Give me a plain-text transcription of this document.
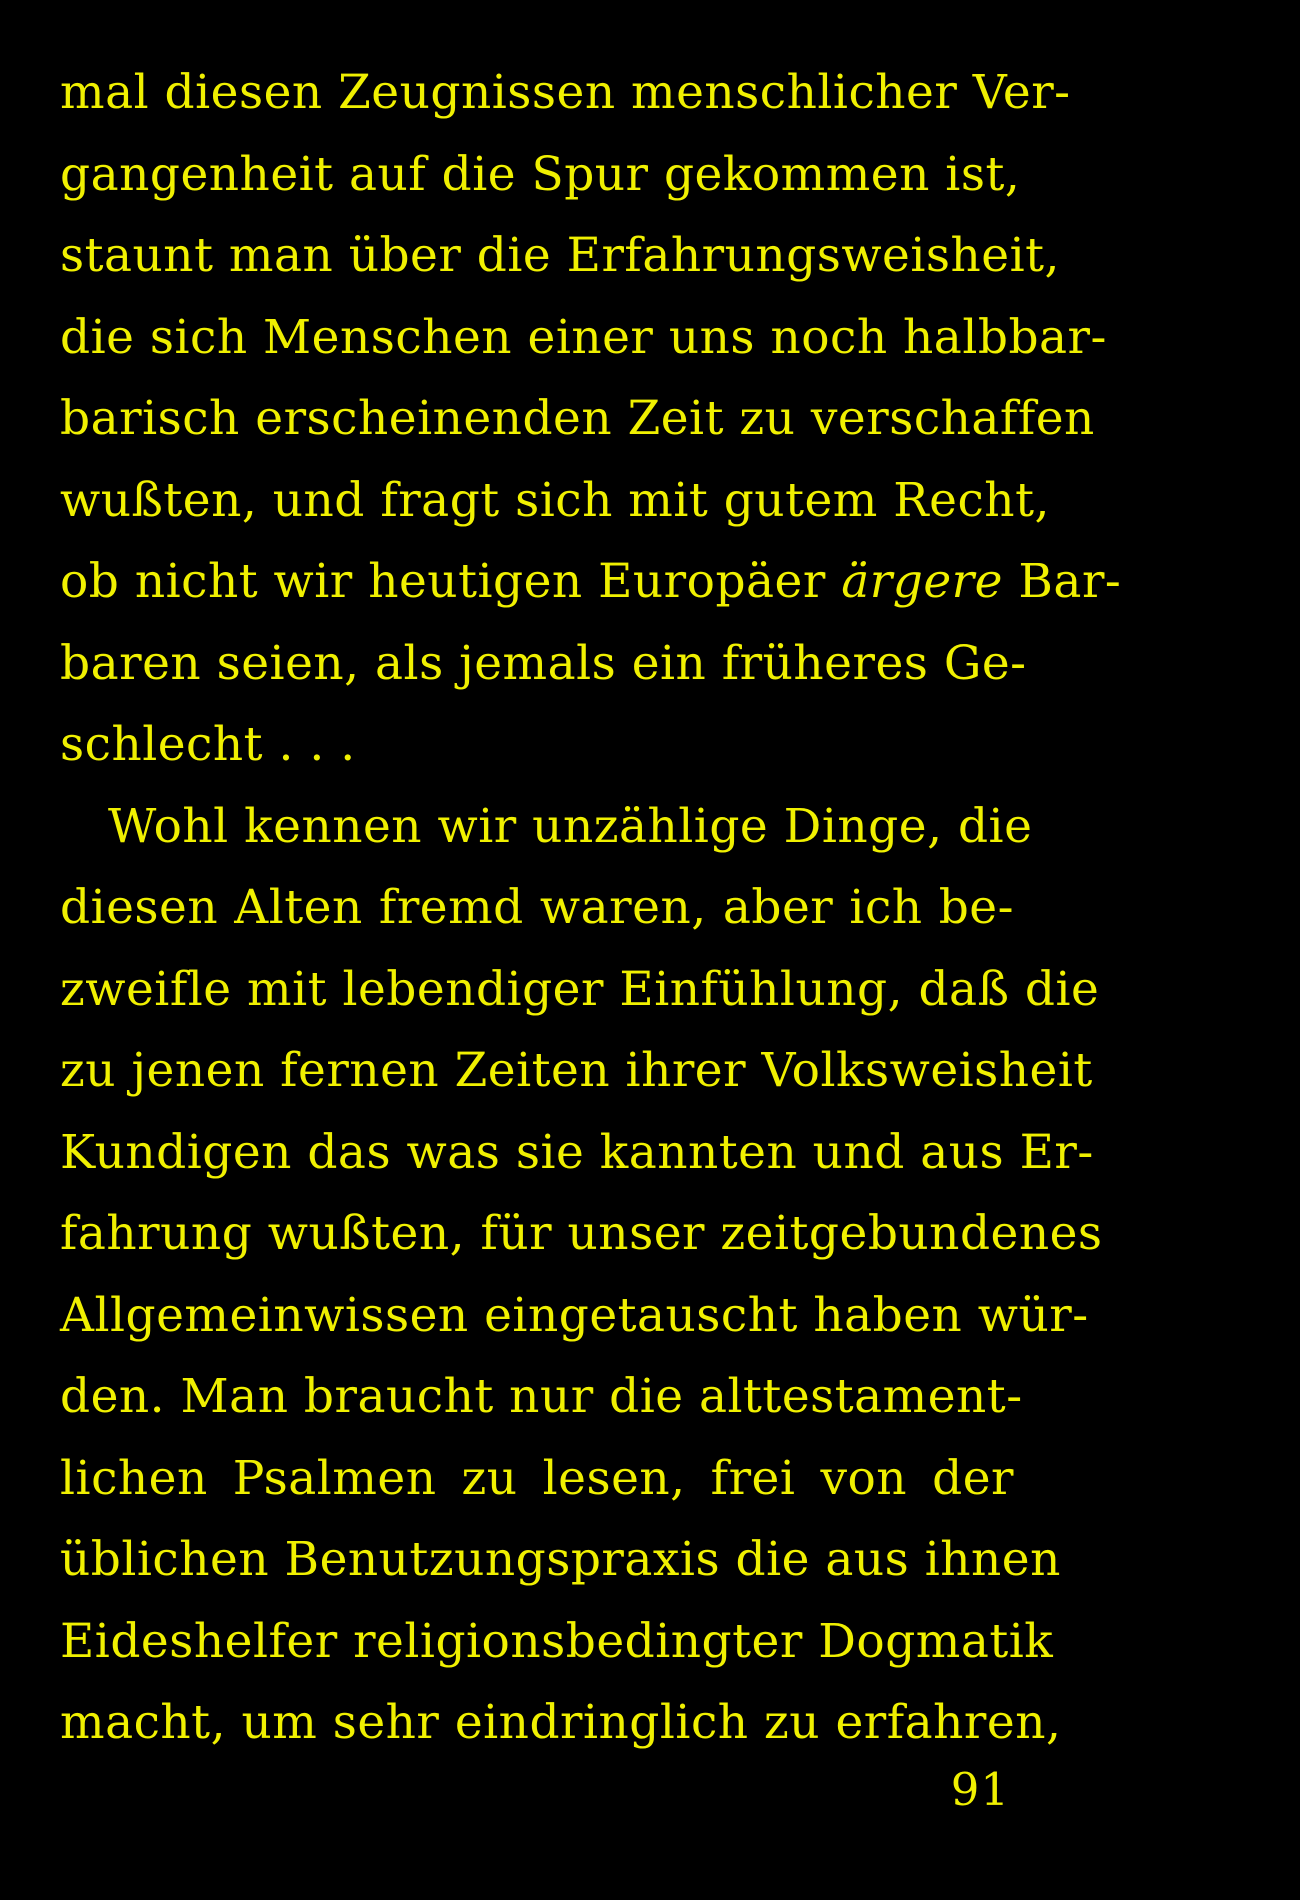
mal diesen Zeugnissen menschlicher Ver-
gangenheit auf die Spur gekommen ist,
staunt man über die Erfahrungsweisheit,
die sich Menschen einer uns noch halbbar-
barisch erscheinenden Zeit zu verschaffen
wußten, und fragt sich mit gutem Recht,
ob nicht wir heutigen Europäer ärgere Bar-
baren seien, als jemals ein früheres Ge-
schlecht . . .
Wohl kennen wir unzählige Dinge, die
diesen Alten fremd waren, aber ich be-
zweifle mit lebendiger Einfühlung, daß die
zu jenen fernen Zeiten ihrer Volksweisheit
Kundigen das was sie kannten und aus Er-
fahrung wußten, für unser zeitgebundenes
Allgemeinwissen eingetauscht haben wür-
den. Man braucht nur die alttestament-
lichen Psalmen zu lesen, frei von der
üblichen Benutzungspraxis die aus ihnen
Eideshelfer religionsbedingter Dogmatik
macht, um sehr eindringlich zu erfahren,
91
